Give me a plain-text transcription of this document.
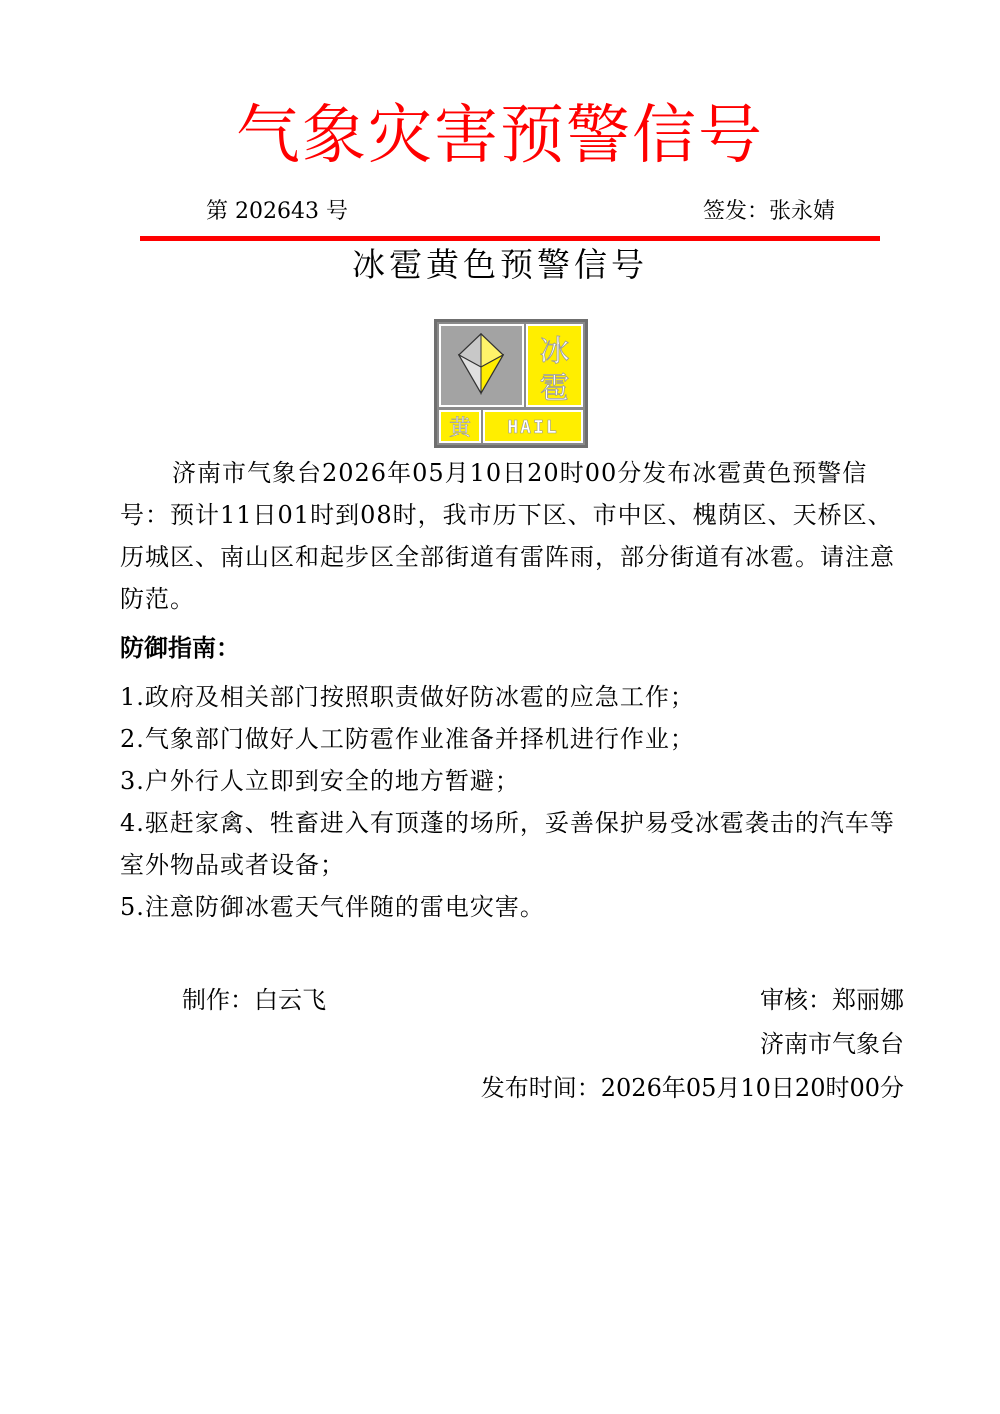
气象灾害预警信号
第 202643 号	签发：张永婧
冰雹黄色预警信号
冰
雹
黄 HAIL
济南市气象台2026年05月10日20时00分发布冰雹黄色预警信号：预计11日01时到08时，我市历下区、市中区、槐荫区、天桥区、历城区、南山区和起步区全部街道有雷阵雨，部分街道有冰雹。请注意防范。
防御指南：
1.政府及相关部门按照职责做好防冰雹的应急工作；
2.气象部门做好人工防雹作业准备并择机进行作业；
3.户外行人立即到安全的地方暂避；
4.驱赶家禽、牲畜进入有顶蓬的场所，妥善保护易受冰雹袭击的汽车等室外物品或者设备；
5.注意防御冰雹天气伴随的雷电灾害。
制作：白云飞	审核：郑丽娜
济南市气象台
发布时间：2026年05月10日20时00分
